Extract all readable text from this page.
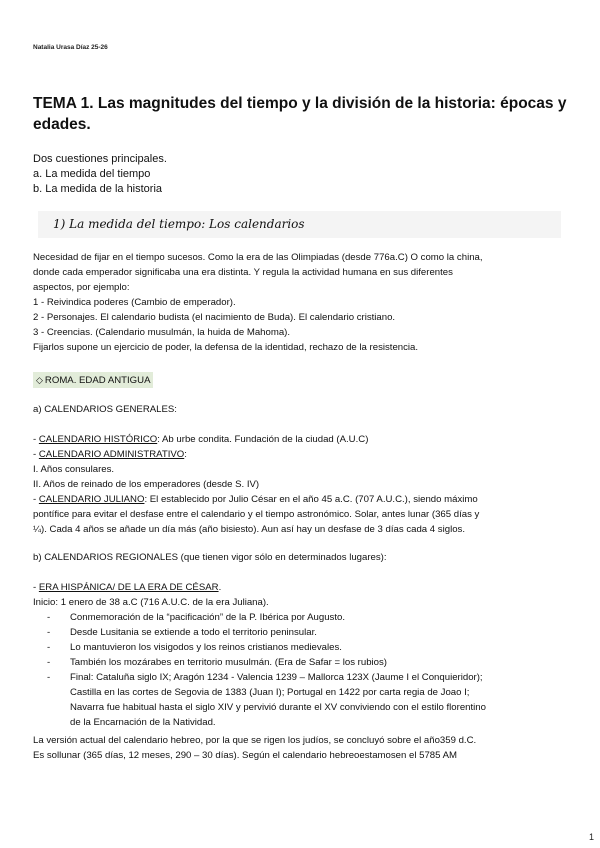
Natalia Urasa Díaz 25-26
TEMA 1. Las magnitudes del tiempo y la división de la historia: épocas y edades.
Dos cuestiones principales.
a. La medida del tiempo
b. La medida de la historia
1) La medida del tiempo: Los calendarios
Necesidad de fijar en el tiempo sucesos. Como la era de las Olimpiadas (desde 776a.C) O como la china,
donde cada emperador significaba una era distinta. Y regula la actividad humana en sus diferentes
aspectos, por ejemplo:
1 - Reivindica poderes (Cambio de emperador).
2 - Personajes. El calendario budista (el nacimiento de Buda). El calendario cristiano.
3 - Creencias. (Calendario musulmán, la huida de Mahoma).
Fijarlos supone un ejercicio de poder, la defensa de la identidad, rechazo de la resistencia.
◇ ROMA. EDAD ANTIGUA
a) CALENDARIOS GENERALES:
- CALENDARIO HISTÓRICO: Ab urbe condita. Fundación de la ciudad (A.U.C)
- CALENDARIO ADMINISTRATIVO:
I. Años consulares.
II. Años de reinado de los emperadores (desde S. IV)
- CALENDARIO JULIANO: El establecido por Julio César en el año 45 a.C. (707 A.U.C.), siendo máximo
pontífice para evitar el desfase entre el calendario y el tiempo astronómico. Solar, antes lunar (365 días y
¼). Cada 4 años se añade un día más (año bisiesto). Aun así hay un desfase de 3 días cada 4 siglos.
b) CALENDARIOS REGIONALES (que tienen vigor sólo en determinados lugares):
- ERA HISPÁNICA/ DE LA ERA DE CÉSAR.
Inicio: 1 enero de 38 a.C (716 A.U.C. de la era Juliana).
- Conmemoración de la “pacificación” de la P. Ibérica por Augusto.
- Desde Lusitania se extiende a todo el territorio peninsular.
- Lo mantuvieron los visigodos y los reinos cristianos medievales.
- También los mozárabes en territorio musulmán. (Era de Safar = los rubios)
- Final: Cataluña siglo IX; Aragón 1234 - Valencia 1239 – Mallorca 123X (Jaume I el Conquieridor);
Castilla en las cortes de Segovia de 1383 (Juan I); Portugal en 1422 por carta regia de Joao I;
Navarra fue habitual hasta el siglo XIV y pervivió durante el XV conviviendo con el estilo florentino
de la Encarnación de la Natividad.
La versión actual del calendario hebreo, por la que se rigen los judíos, se concluyó sobre el año359 d.C.
Es sollunar (365 días, 12 meses, 290 – 30 días). Según el calendario hebreoestamosen el 5785 AM
1
